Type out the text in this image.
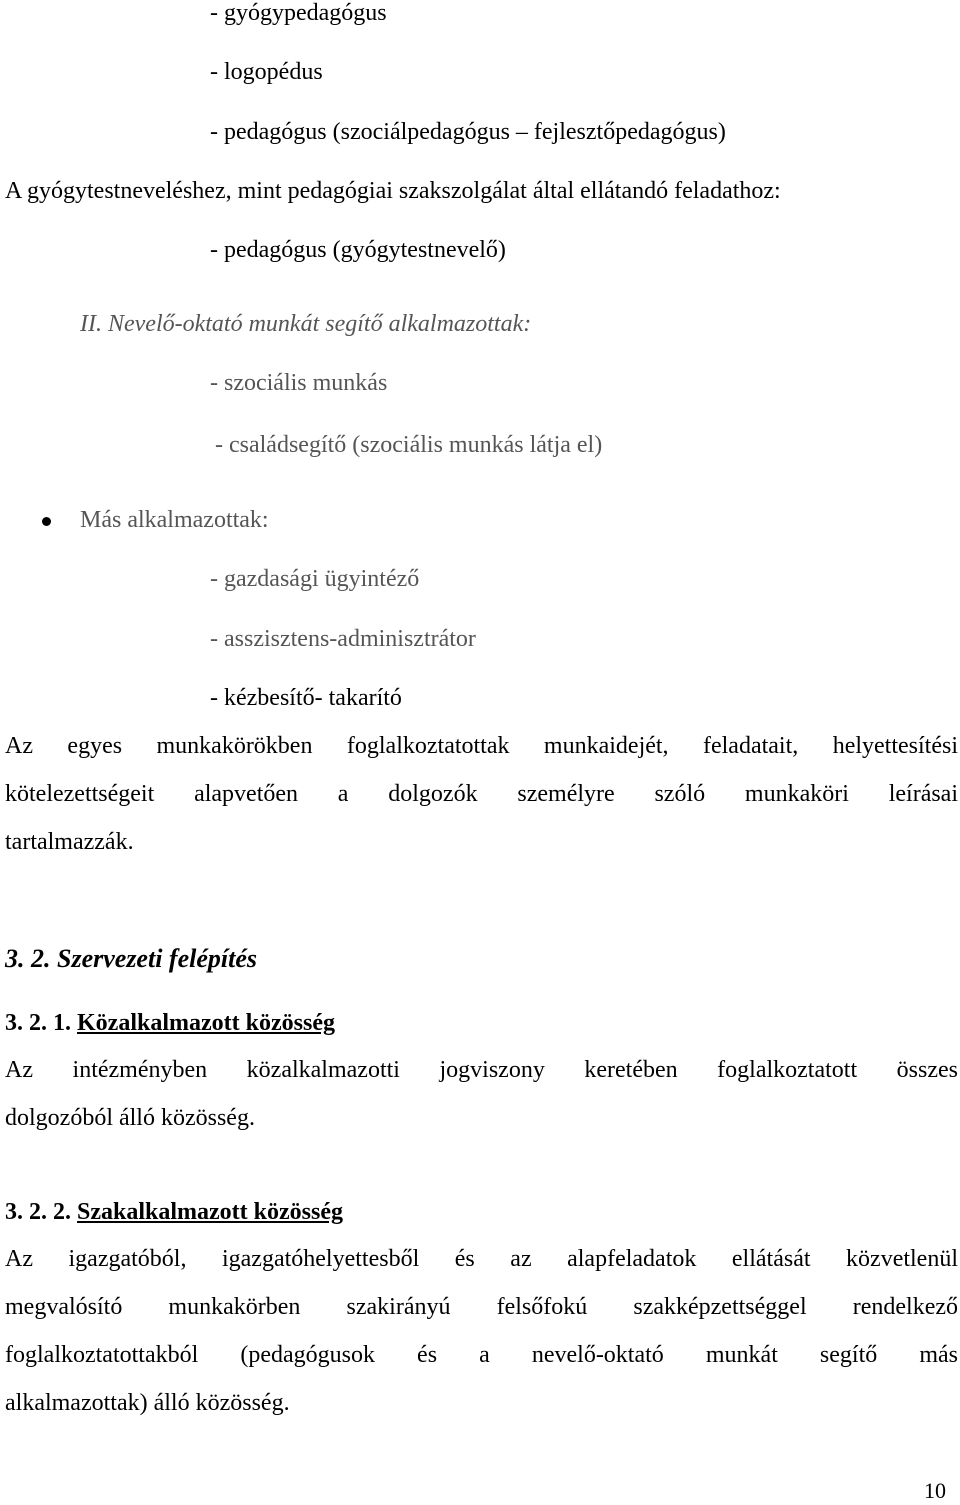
- gyógypedagógus
- logopédus
- pedagógus (szociálpedagógus – fejlesztőpedagógus)
A gyógytestneveléshez, mint pedagógiai szakszolgálat által ellátandó feladathoz:
- pedagógus (gyógytestnevelő)
II. Nevelő-oktató munkát segítő alkalmazottak:
- szociális munkás
- családsegítő (szociális munkás látja el)
Más alkalmazottak:
- gazdasági ügyintéző
- asszisztens-adminisztrátor
- kézbesítő- takarító
Az egyes munkakörökben foglalkoztatottak munkaidejét, feladatait, helyettesítési
kötelezettségeit alapvetően a dolgozók személyre szóló munkaköri leírásai
tartalmazzák.
3. 2. Szervezeti felépítés
3. 2. 1. Közalkalmazott közösség
Az intézményben közalkalmazotti jogviszony keretében foglalkoztatott összes
dolgozóból álló közösség.
3. 2. 2. Szakalkalmazott közösség
Az igazgatóból, igazgatóhelyettesből és az alapfeladatok ellátását közvetlenül
megvalósító munkakörben szakirányú felsőfokú szakképzettséggel rendelkező
foglalkoztatottakból (pedagógusok és a nevelő-oktató munkát segítő más
alkalmazottak) álló közösség.
10
